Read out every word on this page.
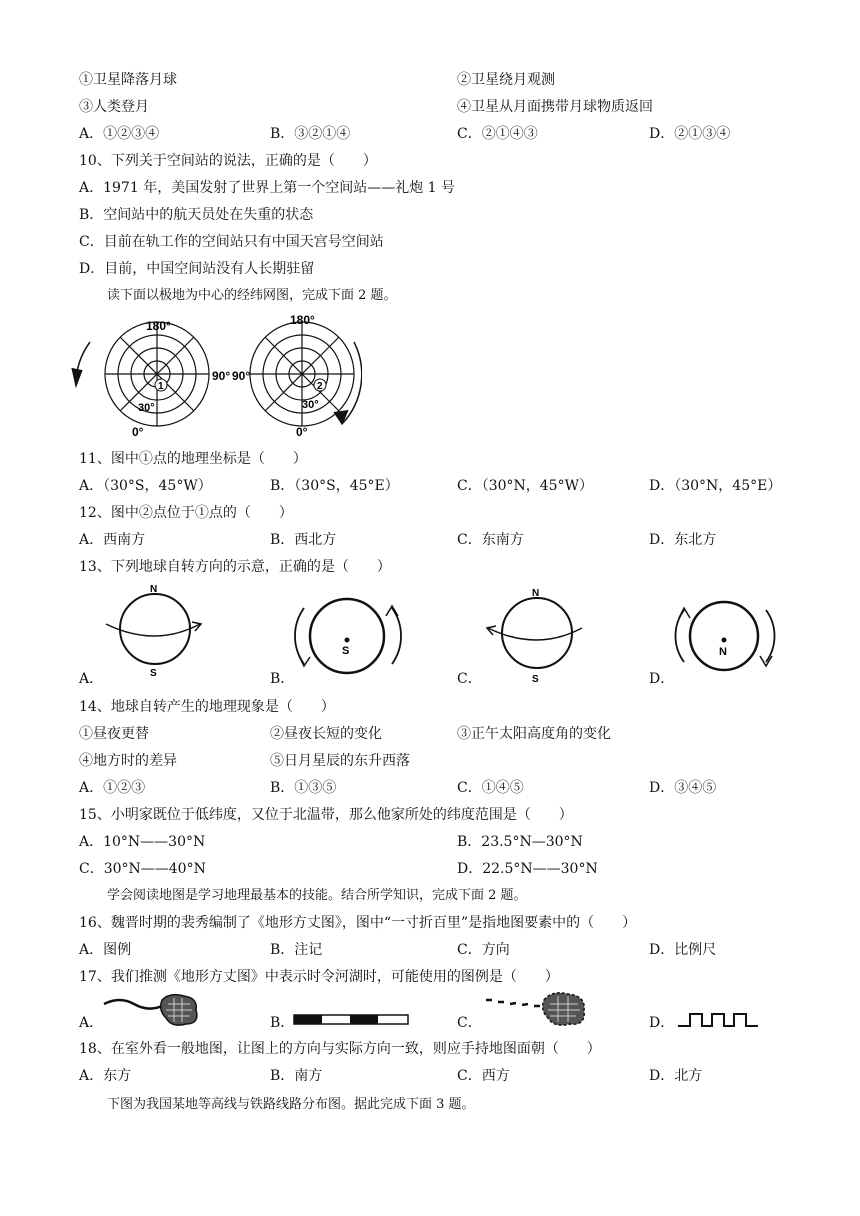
①卫星降落月球	②卫星绕月观测
③人类登月	④卫星从月面携带月球物质返回
A．①②③④	B．③②①④	C．②①④③	D．②①③④
10、下列关于空间站的说法，正确的是（　　）
A．1971 年，美国发射了世界上第一个空间站——礼炮 1 号
B．空间站中的航天员处在失重的状态
C．目前在轨工作的空间站只有中国天宫号空间站
D．目前，中国空间站没有人长期驻留
读下面以极地为中心的经纬网图，完成下面 2 题。
180°
90°
0°
30°
1
180°
90°
0°
30°
2
11、图中①点的地理坐标是（　　）
A．（30°S，45°W）	B．（30°S，45°E）	C．（30°N，45°W）	D．（30°N，45°E）
12、图中②点位于①点的（　　）
A．西南方	B．西北方	C．东南方	D．东北方
13、下列地球自转方向的示意，正确的是（　　）
N
S
S
N
S
N
A．	B．	C．	D．
14、地球自转产生的地理现象是（　　）
①昼夜更替	②昼夜长短的变化	③正午太阳高度角的变化
④地方时的差异	⑤日月星辰的东升西落
A．①②③	B．①③⑤	C．①④⑤	D．③④⑤
15、小明家既位于低纬度，又位于北温带，那么他家所处的纬度范围是（　　）
A．10°N——30°N	B．23.5°N—30°N
C．30°N——40°N	D．22.5°N——30°N
学会阅读地图是学习地理最基本的技能。结合所学知识，完成下面 2 题。
16、魏晋时期的裴秀编制了《地形方丈图》，图中“一寸折百里”是指地图要素中的（　　）
A．图例	B．注记	C．方向	D．比例尺
17、我们推测《地形方丈图》中表示时令河湖时，可能使用的图例是（　　）
A．	B．	C．	D．
18、在室外看一般地图，让图上的方向与实际方向一致，则应手持地图面朝（　　）
A．东方	B．南方	C．西方	D．北方
下图为我国某地等高线与铁路线路分布图。据此完成下面 3 题。
